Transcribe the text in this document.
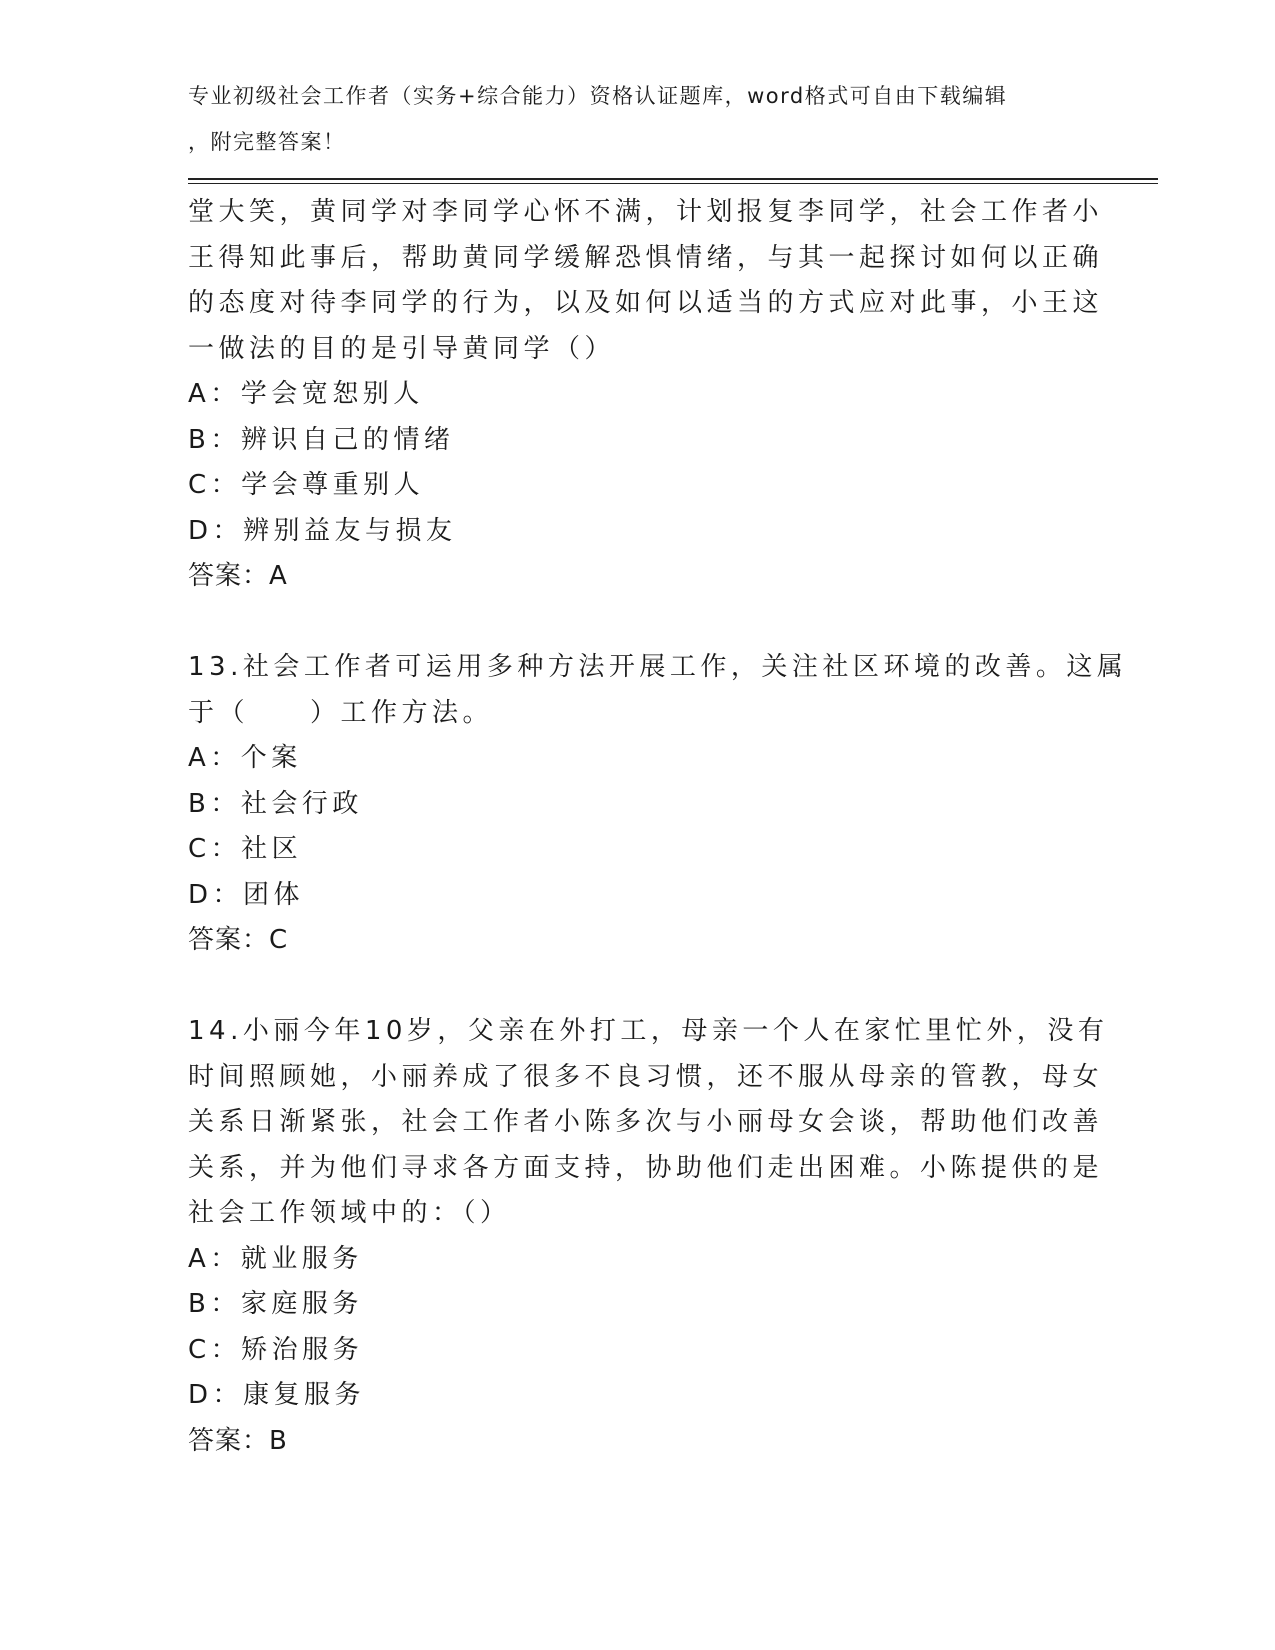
专业初级社会工作者（实务+综合能力）资格认证题库，word格式可自由下载编辑
，附完整答案！
堂大笑，黄同学对李同学心怀不满，计划报复李同学，社会工作者小
王得知此事后，帮助黄同学缓解恐惧情绪，与其一起探讨如何以正确
的态度对待李同学的行为，以及如何以适当的方式应对此事，小王这
一做法的目的是引导黄同学（）
A：学会宽恕别人
B：辨识自己的情绪
C：学会尊重别人
D：辨别益友与损友
答案：A
13.社会工作者可运用多种方法开展工作，关注社区环境的改善。这属
于（　　）工作方法。
A：个案
B：社会行政
C：社区
D：团体
答案：C
14.小丽今年10岁，父亲在外打工，母亲一个人在家忙里忙外，没有
时间照顾她，小丽养成了很多不良习惯，还不服从母亲的管教，母女
关系日渐紧张，社会工作者小陈多次与小丽母女会谈，帮助他们改善
关系，并为他们寻求各方面支持，协助他们走出困难。小陈提供的是
社会工作领域中的：（）
A：就业服务
B：家庭服务
C：矫治服务
D：康复服务
答案：B
